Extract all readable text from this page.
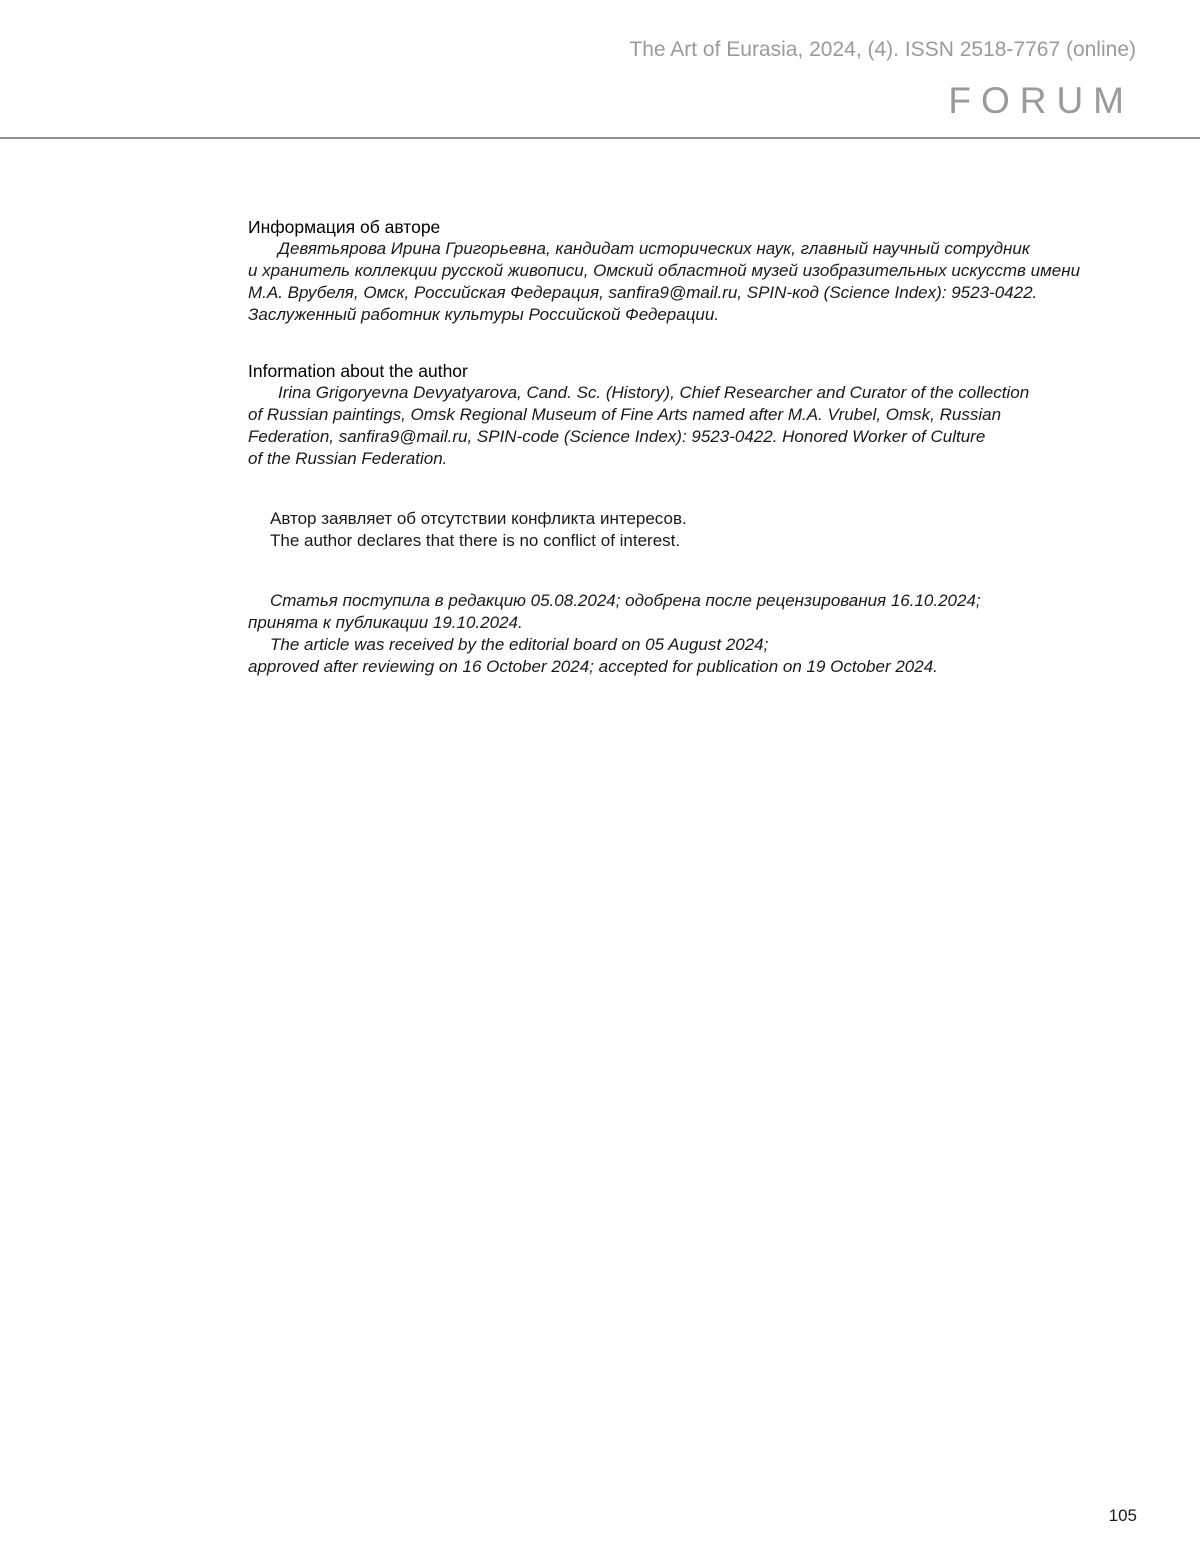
The Art of Eurasia, 2024, (4). ISSN 2518-7767 (online)
FORUM
Информация об авторе

Девятьярова Ирина Григорьевна, кандидат исторических наук, главный научный сотрудник
и хранитель коллекции русской живописи, Омский областной музей изобразительных искусств имени
М.А. Врубеля, Омск, Российская Федерация, sanfira9@mail.ru, SPIN-код (Science Index): 9523-0422.
Заслуженный работник культуры Российской Федерации.

Information about the author

Irina Grigoryevna Devyatyarova, Cand. Sc. (History), Chief Researcher and Curator of the collection
of Russian paintings, Omsk Regional Museum of Fine Arts named after M.A. Vrubel, Omsk, Russian
Federation, sanfira9@mail.ru, SPIN-code (Science Index): 9523-0422. Honored Worker of Culture
of the Russian Federation.

Автор заявляет об отсутствии конфликта интересов.
The author declares that there is no conflict of interest.
Статья поступила в редакцию 05.08.2024; одобрена после рецензирования 16.10.2024;
принята к публикации 19.10.2024.
The article was received by the editorial board on 05 August 2024;
approved after reviewing on 16 October 2024; accepted for publication on 19 October 2024.
105
